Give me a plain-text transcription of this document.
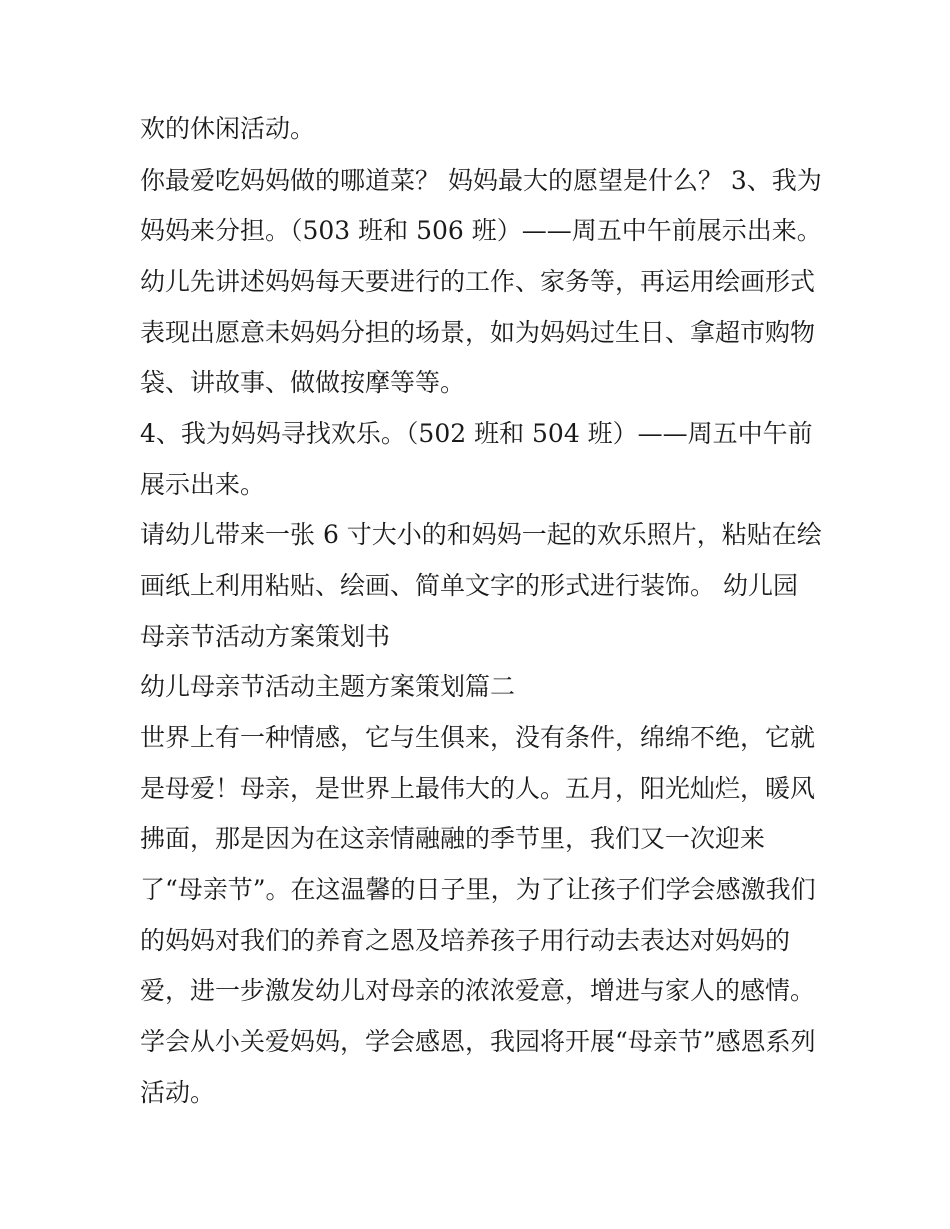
欢的休闲活动。

你最爱吃妈妈做的哪道菜？ 妈妈最大的愿望是什么？ 3、我为

妈妈来分担。（503 班和 506 班）——周五中午前展示出来。

幼儿先讲述妈妈每天要进行的工作、家务等，再运用绘画形式

表现出愿意未妈妈分担的场景，如为妈妈过生日、拿超市购物

袋、讲故事、做做按摩等等。

4、我为妈妈寻找欢乐。（502 班和 504 班）——周五中午前

展示出来。

请幼儿带来一张 6 寸大小的和妈妈一起的欢乐照片，粘贴在绘

画纸上利用粘贴、绘画、简单文字的形式进行装饰。 幼儿园

母亲节活动方案策划书

幼儿母亲节活动主题方案策划篇二

世界上有一种情感，它与生俱来，没有条件，绵绵不绝，它就

是母爱！母亲，是世界上最伟大的人。五月，阳光灿烂，暖风

拂面，那是因为在这亲情融融的季节里，我们又一次迎来

了“母亲节”。在这温馨的日子里，为了让孩子们学会感激我们

的妈妈对我们的养育之恩及培养孩子用行动去表达对妈妈的

爱，进一步激发幼儿对母亲的浓浓爱意，增进与家人的感情。

学会从小关爱妈妈，学会感恩，我园将开展“母亲节”感恩系列

活动。
